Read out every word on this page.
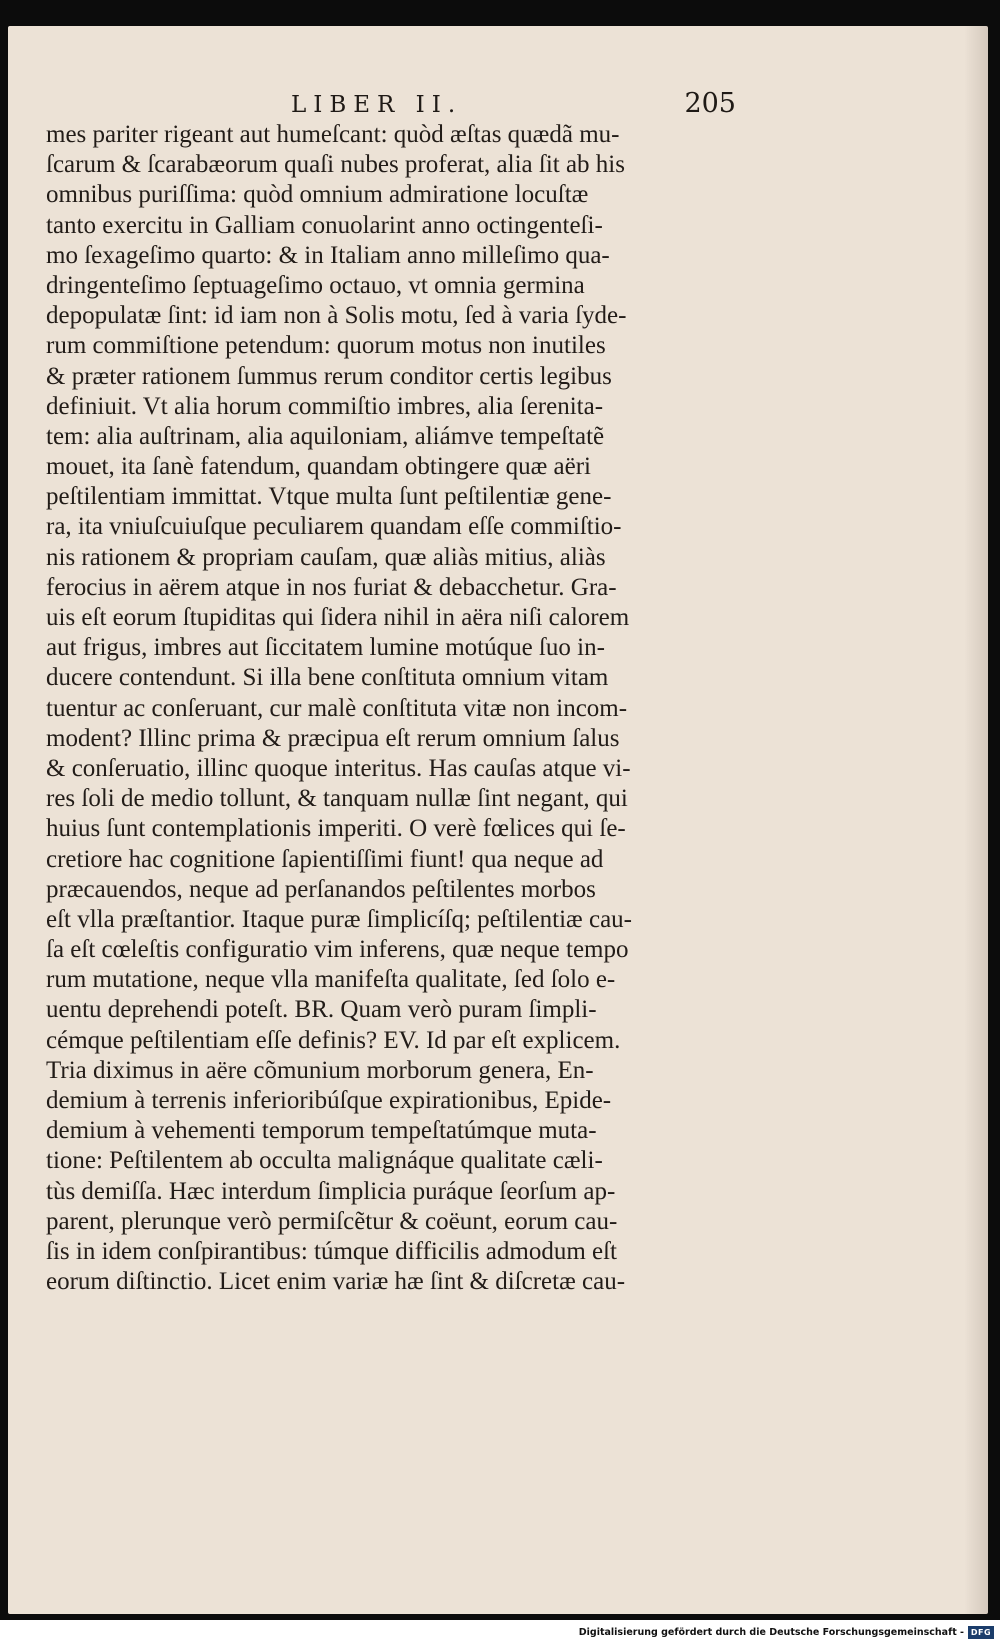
LIBER II.	205
mes pariter rigeant aut humeſcant: quòd æſtas quædã mu-
ſcarum & ſcarabæorum quaſi nubes proferat, alia ſit ab his
omnibus puriſſima: quòd omnium admiratione locuſtæ
tanto exercitu in Galliam conuolarint anno octingenteſi-
mo ſexageſimo quarto: & in Italiam anno milleſimo qua-
dringenteſimo ſeptuageſimo octauo, vt omnia germina
depopulatæ ſint: id iam non à Solis motu, ſed à varia ſyde-
rum commiſtione petendum: quorum motus non inutiles
& præter rationem ſummus rerum conditor certis legibus
definiuit. Vt alia horum commiſtio imbres, alia ſerenita-
tem: alia auſtrinam, alia aquiloniam, aliámve tempeſtatẽ
mouet, ita ſanè fatendum, quandam obtingere quæ aëri
peſtilentiam immittat. Vtque multa ſunt peſtilentiæ gene-
ra, ita vniuſcuiuſque peculiarem quandam eſſe commiſtio-
nis rationem & propriam cauſam, quæ aliàs mitius, aliàs
ferocius in aërem atque in nos furiat & debacchetur. Gra-
uis eſt eorum ſtupiditas qui ſidera nihil in aëra niſi calorem
aut frigus, imbres aut ſiccitatem lumine motúque ſuo in-
ducere contendunt. Si illa bene conſtituta omnium vitam
tuentur ac conſeruant, cur malè conſtituta vitæ non incom-
modent? Illinc prima & præcipua eſt rerum omnium ſalus
& conſeruatio, illinc quoque interitus. Has cauſas atque vi-
res ſoli de medio tollunt, & tanquam nullæ ſint negant, qui
huius ſunt contemplationis imperiti. O verè fœlices qui ſe-
cretiore hac cognitione ſapientiſſimi fiunt! qua neque ad
præcauendos, neque ad perſanandos peſtilentes morbos
eſt vlla præſtantior. Itaque puræ ſimplicíſq; peſtilentiæ cau-
ſa eſt cœleſtis configuratio vim inferens, quæ neque tempo
rum mutatione, neque vlla manifeſta qualitate, ſed ſolo e-
uentu deprehendi poteſt. BR. Quam verò puram ſimpli-
cémque peſtilentiam eſſe definis? EV. Id par eſt explicem.
Tria diximus in aëre cõmunium morborum genera, En-
demium à terrenis inferioribúſque expirationibus, Epide-
demium à vehementi temporum tempeſtatúmque muta-
tione: Peſtilentem ab occulta malignáque qualitate cæli-
tùs demiſſa. Hæc interdum ſimplicia puráque ſeorſum ap-
parent, plerunque verò permiſcẽtur & coëunt, eorum cau-
ſis in idem conſpirantibus: túmque difficilis admodum eſt
eorum diſtinctio. Licet enim variæ hæ ſint & diſcretæ cau-
Digitalisierung gefördert durch die Deutsche Forschungsgemeinschaft - DFG
